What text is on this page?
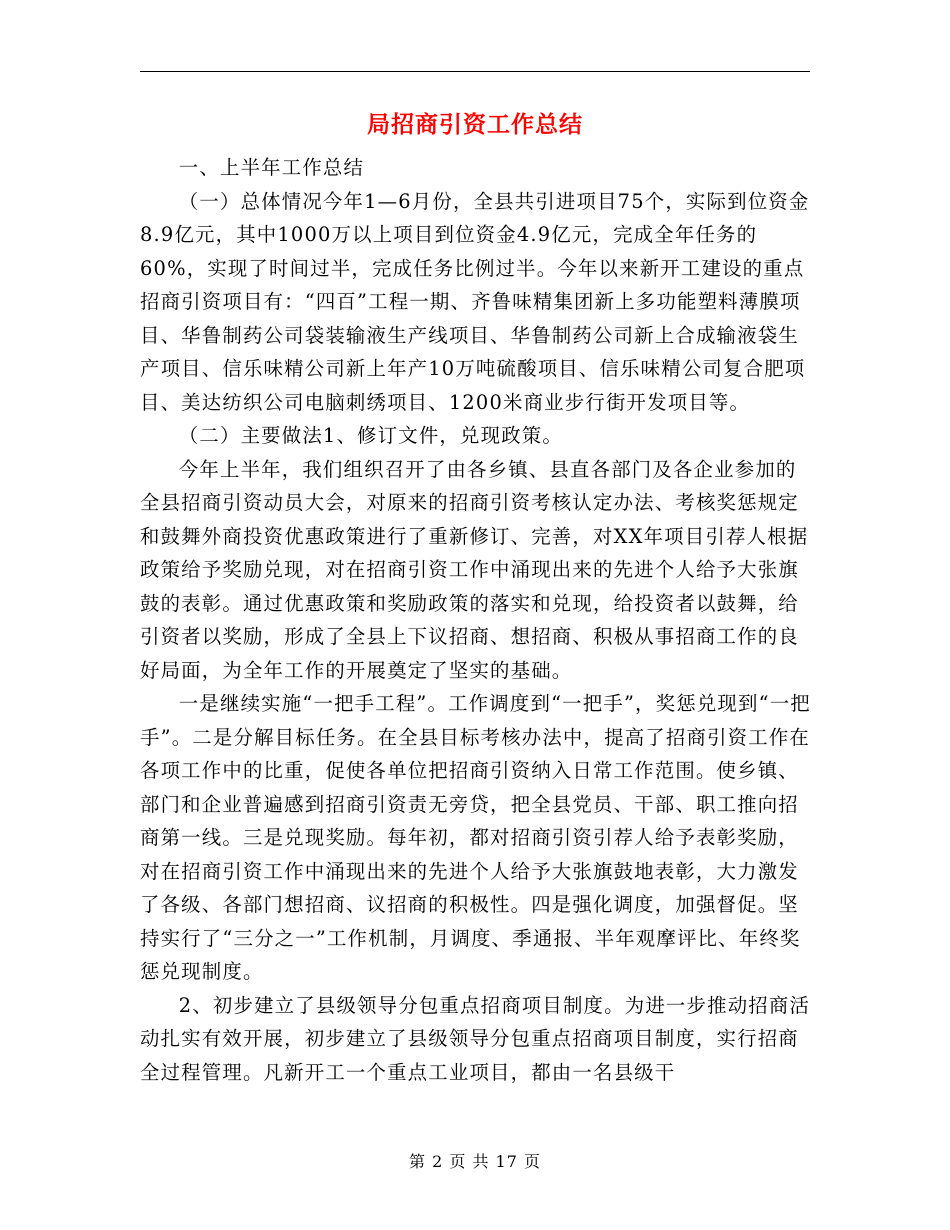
局招商引资工作总结

一、上半年工作总结

（一）总体情况今年1—6月份，全县共引进项目75个，实际到位资金8.9亿元，其中1000万以上项目到位资金4.9亿元，完成全年任务的60%，实现了时间过半，完成任务比例过半。今年以来新开工建设的重点招商引资项目有：“四百”工程一期、齐鲁味精集团新上多功能塑料薄膜项目、华鲁制药公司袋装输液生产线项目、华鲁制药公司新上合成输液袋生产项目、信乐味精公司新上年产10万吨硫酸项目、信乐味精公司复合肥项目、美达纺织公司电脑刺绣项目、1200米商业步行街开发项目等。

（二）主要做法1、修订文件，兑现政策。

今年上半年，我们组织召开了由各乡镇、县直各部门及各企业参加的全县招商引资动员大会，对原来的招商引资考核认定办法、考核奖惩规定和鼓舞外商投资优惠政策进行了重新修订、完善，对XX年项目引荐人根据政策给予奖励兑现，对在招商引资工作中涌现出来的先进个人给予大张旗鼓的表彰。通过优惠政策和奖励政策的落实和兑现，给投资者以鼓舞，给引资者以奖励，形成了全县上下议招商、想招商、积极从事招商工作的良好局面，为全年工作的开展奠定了坚实的基础。

一是继续实施“一把手工程”。工作调度到“一把手”，奖惩兑现到“一把手”。二是分解目标任务。在全县目标考核办法中，提高了招商引资工作在各项工作中的比重，促使各单位把招商引资纳入日常工作范围。使乡镇、部门和企业普遍感到招商引资责无旁贷，把全县党员、干部、职工推向招商第一线。三是兑现奖励。每年初，都对招商引资引荐人给予表彰奖励，对在招商引资工作中涌现出来的先进个人给予大张旗鼓地表彰，大力激发了各级、各部门想招商、议招商的积极性。四是强化调度，加强督促。坚持实行了“三分之一”工作机制，月调度、季通报、半年观摩评比、年终奖惩兑现制度。

2、初步建立了县级领导分包重点招商项目制度。为进一步推动招商活动扎实有效开展，初步建立了县级领导分包重点招商项目制度，实行招商全过程管理。凡新开工一个重点工业项目，都由一名县级干

第 2 页 共 17 页
